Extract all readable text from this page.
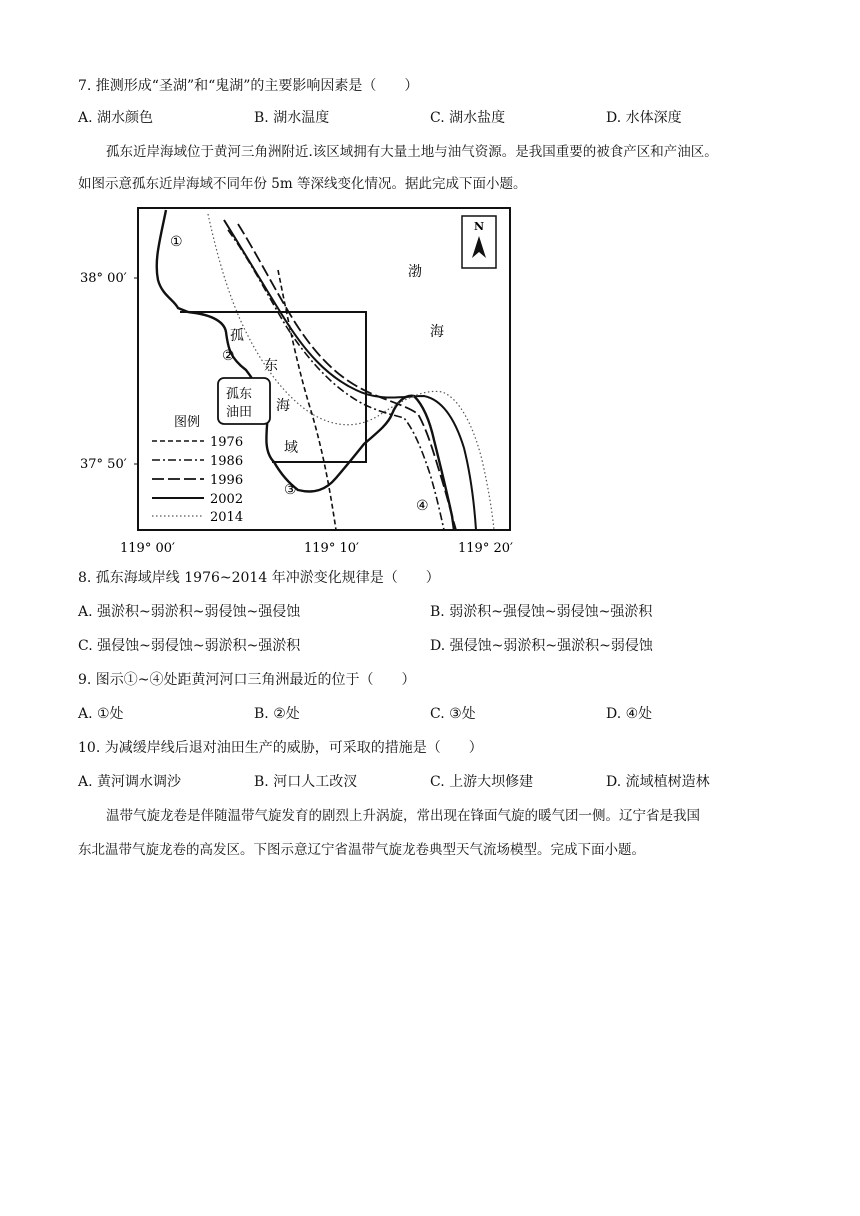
7. 推测形成“圣湖”和“鬼湖”的主要影响因素是（　　）
A. 湖水颜色	B. 湖水温度	C. 湖水盐度	D. 水体深度
孤东近岸海域位于黄河三角洲附近.该区域拥有大量土地与油气资源。是我国重要的被食产区和产油区。
如图示意孤东近岸海域不同年份 5m 等深线变化情况。据此完成下面小题。
38° 00′
37° 50′
119° 00′	119° 10′	119° 20′
孤东
油田
孤
东
海
域
渤
海
①
②
③
④
N
图例
1976
1986
1996
2002
2014
8. 孤东海域岸线 1976~2014 年冲淤变化规律是（　　）
A. 强淤积~弱淤积~弱侵蚀~强侵蚀	B. 弱淤积~强侵蚀~弱侵蚀~强淤积
C. 强侵蚀~弱侵蚀~弱淤积~强淤积	D. 强侵蚀~弱淤积~强淤积~弱侵蚀
9. 图示①~④处距黄河河口三角洲最近的位于（　　）
A. ①处	B. ②处	C. ③处	D. ④处
10. 为减缓岸线后退对油田生产的威胁，可采取的措施是（　　）
A. 黄河调水调沙	B. 河口人工改汊	C. 上游大坝修建	D. 流域植树造林
温带气旋龙卷是伴随温带气旋发育的剧烈上升涡旋，常出现在锋面气旋的暖气团一侧。辽宁省是我国
东北温带气旋龙卷的高发区。下图示意辽宁省温带气旋龙卷典型天气流场模型。完成下面小题。
